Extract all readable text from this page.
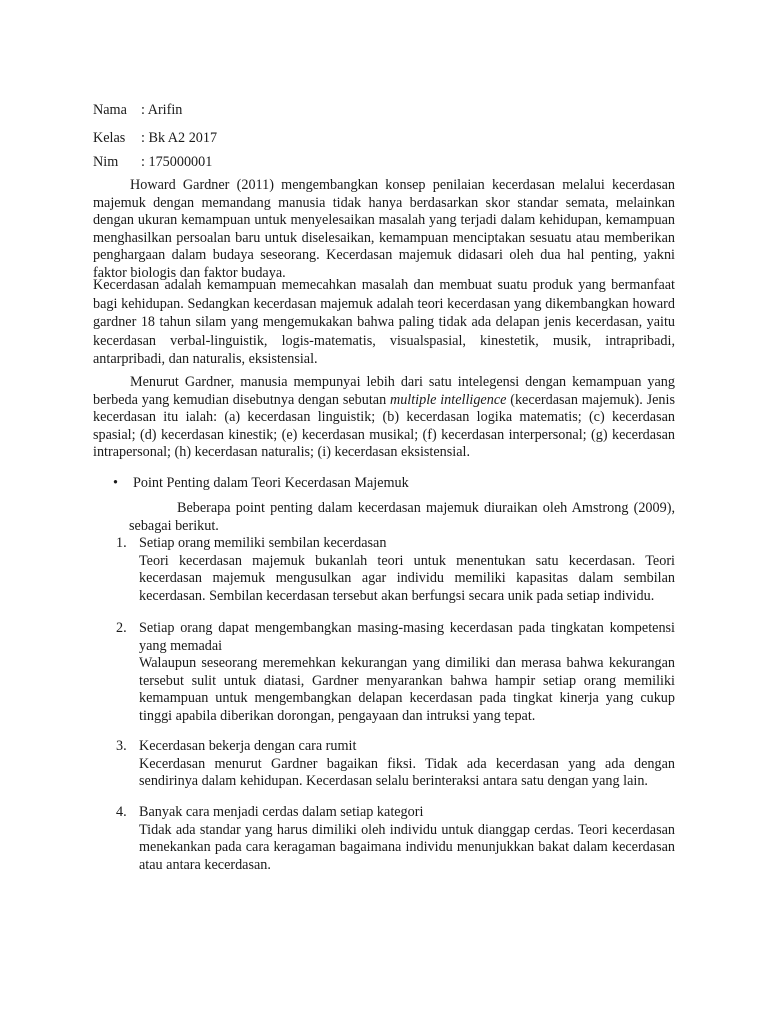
Nama : Arifin
Kelas : Bk A2 2017
Nim : 175000001

Howard Gardner (2011) mengembangkan konsep penilaian kecerdasan melalui kecerdasan majemuk dengan memandang manusia tidak hanya berdasarkan skor standar semata, melainkan dengan ukuran kemampuan untuk menyelesaikan masalah yang terjadi dalam kehidupan, kemampuan menghasilkan persoalan baru untuk diselesaikan, kemampuan menciptakan sesuatu atau memberikan penghargaan dalam budaya seseorang. Kecerdasan majemuk didasari oleh dua hal penting, yakni faktor biologis dan faktor budaya.

Kecerdasan adalah kemampuan memecahkan masalah dan membuat suatu produk yang bermanfaat bagi kehidupan. Sedangkan kecerdasan majemuk adalah teori kecerdasan yang dikembangkan howard gardner 18 tahun silam yang mengemukakan bahwa paling tidak ada delapan jenis kecerdasan, yaitu kecerdasan verbal-linguistik, logis-matematis, visualspasial, kinestetik, musik, intrapribadi, antarpribadi, dan naturalis, eksistensial.

Menurut Gardner, manusia mempunyai lebih dari satu intelegensi dengan kemampuan yang berbeda yang kemudian disebutnya dengan sebutan multiple intelligence (kecerdasan majemuk). Jenis kecerdasan itu ialah: (a) kecerdasan linguistik; (b) kecerdasan logika matematis; (c) kecerdasan spasial; (d) kecerdasan kinestik; (e) kecerdasan musikal; (f) kecerdasan interpersonal; (g) kecerdasan intrapersonal; (h) kecerdasan naturalis; (i) kecerdasan eksistensial.

• Point Penting dalam Teori Kecerdasan Majemuk

Beberapa point penting dalam kecerdasan majemuk diuraikan oleh Amstrong (2009), sebagai berikut.

1. Setiap orang memiliki sembilan kecerdasan

Teori kecerdasan majemuk bukanlah teori untuk menentukan satu kecerdasan. Teori kecerdasan majemuk mengusulkan agar individu memiliki kapasitas dalam sembilan kecerdasan. Sembilan kecerdasan tersebut akan berfungsi secara unik pada setiap individu.

2. Setiap orang dapat mengembangkan masing-masing kecerdasan pada tingkatan kompetensi yang memadai

Walaupun seseorang meremehkan kekurangan yang dimiliki dan merasa bahwa kekurangan tersebut sulit untuk diatasi, Gardner menyarankan bahwa hampir setiap orang memiliki kemampuan untuk mengembangkan delapan kecerdasan pada tingkat kinerja yang cukup tinggi apabila diberikan dorongan, pengayaan dan intruksi yang tepat.

3. Kecerdasan bekerja dengan cara rumit

Kecerdasan menurut Gardner bagaikan fiksi. Tidak ada kecerdasan yang ada dengan sendirinya dalam kehidupan. Kecerdasan selalu berinteraksi antara satu dengan yang lain.

4. Banyak cara menjadi cerdas dalam setiap kategori

Tidak ada standar yang harus dimiliki oleh individu untuk dianggap cerdas. Teori kecerdasan menekankan pada cara keragaman bagaimana individu menunjukkan bakat dalam kecerdasan atau antara kecerdasan.
